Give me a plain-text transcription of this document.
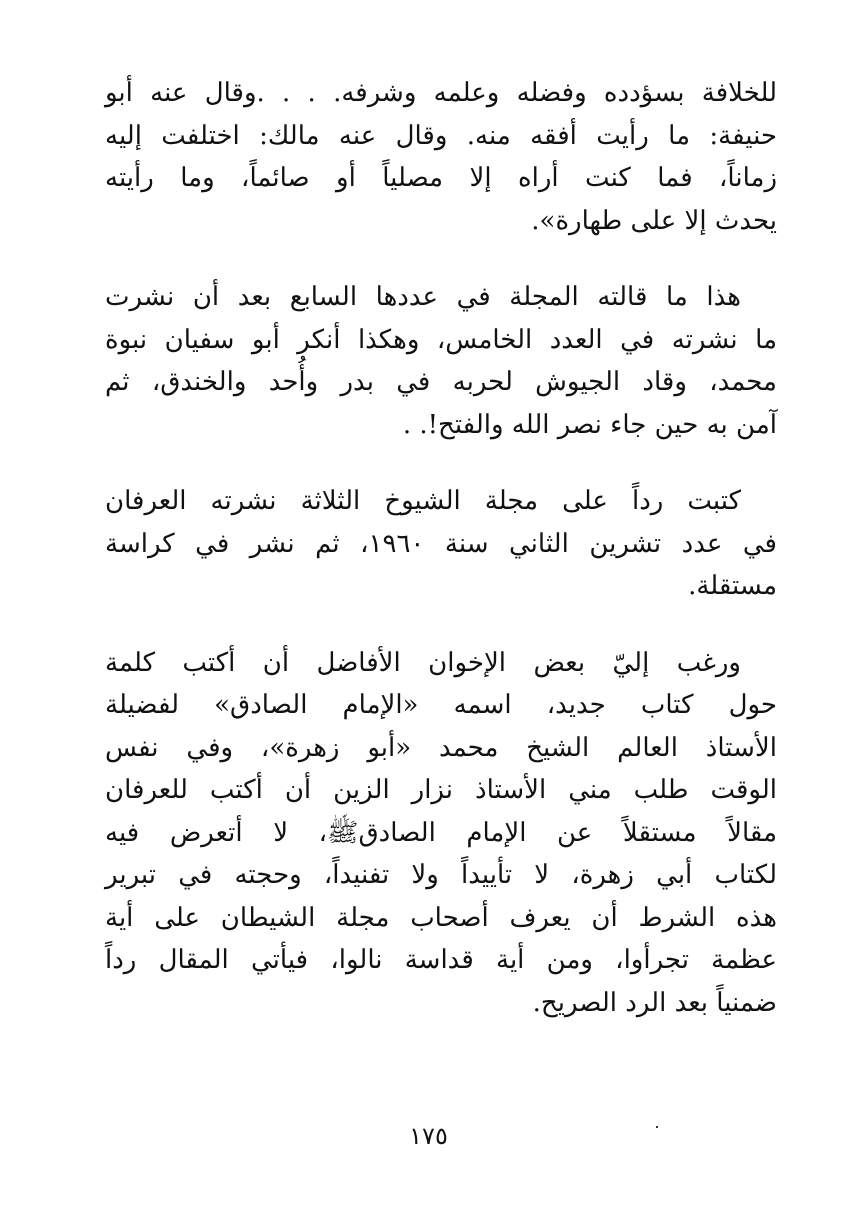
للخلافة بسؤدده وفضله وعلمه وشرفه. . . .وقال عنه أبو
حنيفة: ما رأيت أفقه منه. وقال عنه مالك: اختلفت إليه
زماناً، فما كنت أراه إلا مصلياً أو صائماً، وما رأيته
يحدث إلا على طهارة».
هذا ما قالته المجلة في عددها السابع بعد أن نشرت
ما نشرته في العدد الخامس، وهكذا أنكر أبو سفيان نبوة
محمد، وقاد الجيوش لحربه في بدر وأُحد والخندق، ثم
آمن به حين جاء نصر الله والفتح!. .
كتبت رداً على مجلة الشيوخ الثلاثة نشرته العرفان
في عدد تشرين الثاني سنة ١٩٦٠، ثم نشر في كراسة
مستقلة.
ورغب إليّ بعض الإخوان الأفاضل أن أكتب كلمة
حول كتاب جديد، اسمه «الإمام الصادق» لفضيلة
الأستاذ العالم الشيخ محمد «أبو زهرة»، وفي نفس
الوقت طلب مني الأستاذ نزار الزين أن أكتب للعرفان
مقالاً مستقلاً عن الإمام الصادقﷺ، لا أتعرض فيه
لكتاب أبي زهرة، لا تأييداً ولا تفنيداً، وحجته في تبرير
هذه الشرط أن يعرف أصحاب مجلة الشيطان على أية
عظمة تجرأوا، ومن أية قداسة نالوا، فيأتي المقال رداً
ضمنياً بعد الرد الصريح.
١٧٥
